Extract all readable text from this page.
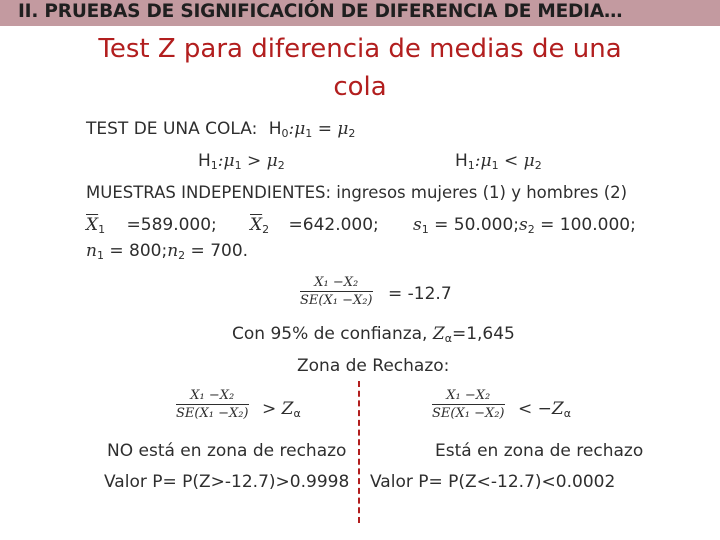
II. PRUEBAS DE SIGNIFICACIÓN DE DIFERENCIA DE MEDIA…
Test Z para diferencia de medias de una
cola
TEST DE UNA COLA: $H_0:\mu_1 = \mu_2$
$H_1:\mu_1 > \mu_2$	$H_1:\mu_1 < \mu_2$
MUESTRAS INDEPENDIENTES: ingresos mujeres (1) y hombres (2)
$\overline{X}_1 =589.000$; $\overline{X}_2 =642.000$; $s_1$ = $50.000;s_2 = 100.000$;
$n_1$ = $800;n_2 = 700$.
$\frac{\text{X₁ −X₂}}{\text{SE(X₁ −X₂)}} = -12.7$
Con 95% de confianza, $Z_\alpha=1,645$
Zona de Rechazo:
$\frac{\text{X₁ −X₂}}{\text{SE(X₁ −X₂)}} > Z_\alpha$	$\frac{\text{X₁ −X₂}}{\text{SE(X₁ −X₂)}} < -Z_\alpha$
NO está en zona de rechazo	Está en zona de rechazo
Valor P= P(Z>-12.7)>0.9998 Valor P= P(Z<-12.7)<0.0002
